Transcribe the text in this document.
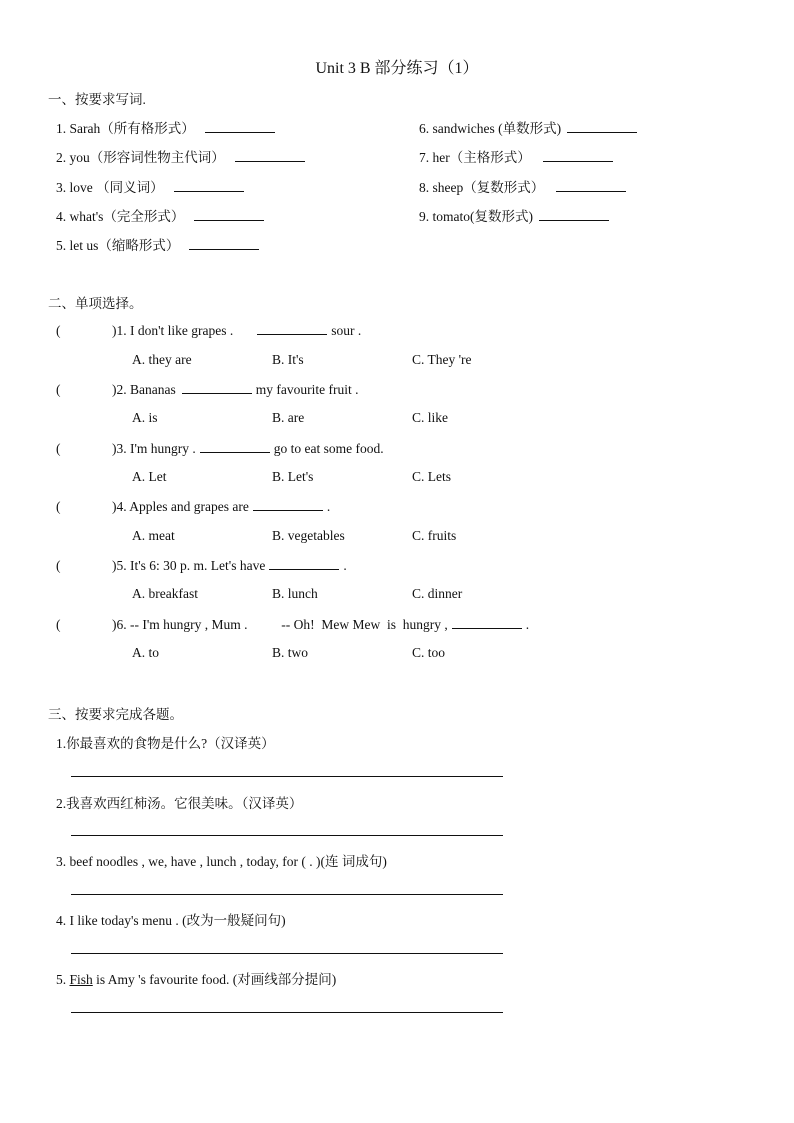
Unit 3 B 部分练习（1）
一、按要求写词.
1. Sarah（所有格形式）
2. you（形容词性物主代词）
3. love （同义词）
4. what's（完全形式）
5. let us（缩略形式）
6. sandwiches (单数形式)
7. her（主格形式）
8. sheep（复数形式）
9. tomato(复数形式)
二、单项选择。
(	)1. I don't like grapes .	sour .
A. they are	B. It's	C. They 're
(	)2. Bananas	my favourite fruit .
A. is	B. are	C. like
(	)3. I'm hungry .	go to eat some food.
A. Let	B. Let's	C. Lets
(	)4. Apples and grapes are	.
A. meat	B. vegetables	C. fruits
(	)5. It's 6: 30 p. m. Let's have	.
A. breakfast	B. lunch	C. dinner
(	)6. -- I'm hungry , Mum .          -- Oh!  Mew Mew  is  hungry ,	.
A. to	B. two	C. too
三、按要求完成各题。
1.你最喜欢的食物是什么?（汉译英）
2.我喜欢西红柿汤。它很美味。（汉译英）
3. beef noodles , we, have , lunch , today, for ( . )(连 词成句)
4. I like today's menu . (改为一般疑问句)
5. Fish is Amy 's favourite food. (对画线部分提问)
